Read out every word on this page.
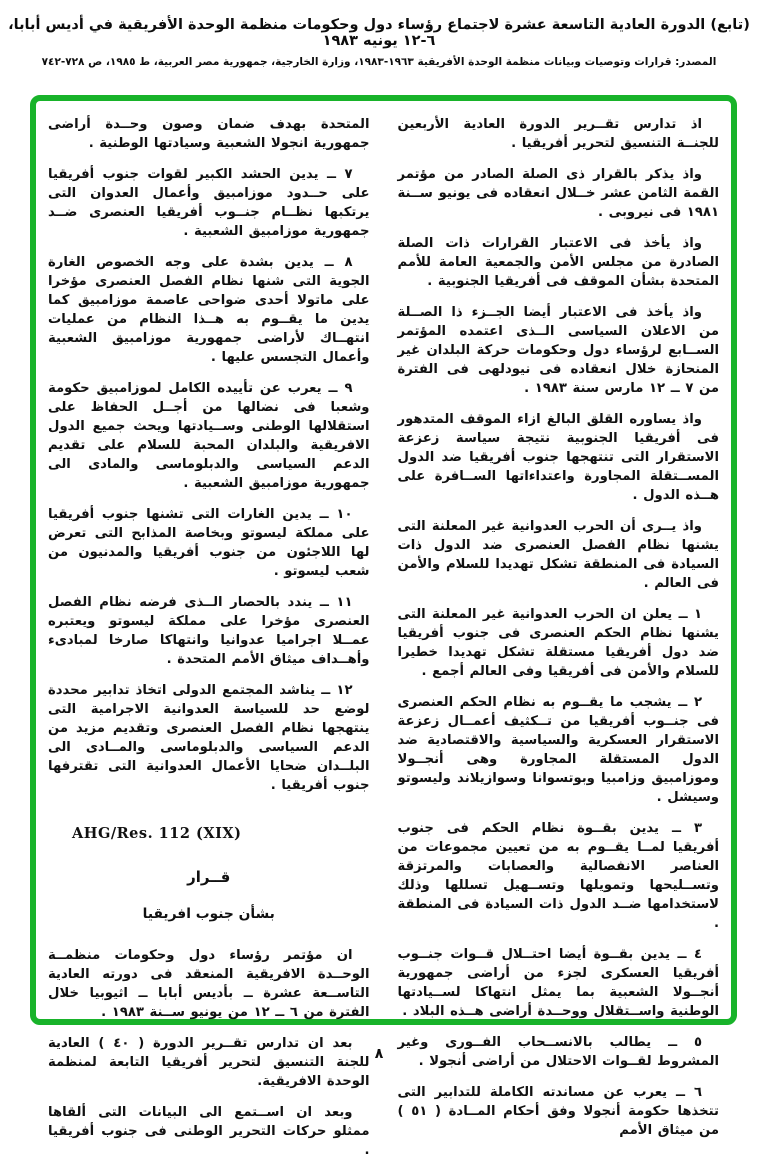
(تابع) الدورة العادية التاسعة عشرة لاجتماع رؤساء دول وحكومات منظمة الوحدة الأفريقية في أديس أبابا، ٦-١٢ يونيه ١٩٨٣
المصدر: قرارات وتوصيات وبيانات منظمة الوحدة الأفريقية ١٩٦٣-١٩٨٣، وزارة الخارجية، جمهورية مصر العربية، ط ١٩٨٥، ص ٧٢٨-٧٤٢

اذ تدارس تقــرير الدورة العادية الأربعين للجنــة التنسيق لتحرير أفريقيا .

واذ يذكر بالقرار ذى الصلة الصادر من مؤتمر القمة الثامن عشر خــلال انعقاده فى يونيو ســنة ١٩٨١ فى نيروبى .

واذ يأخذ فى الاعتبار القرارات ذات الصلة الصادرة من مجلس الأمن والجمعية العامة للأمم المتحدة بشأن الموقف فى أفريقيا الجنوبية .

واذ يأخذ فى الاعتبار أيضا الجــزء ذا الصــلة من الاعلان السياسى الــذى اعتمده المؤتمر الســابع لرؤساء دول وحكومات حركة البلدان غير المنحازة خلال انعقاده فى نيودلهى فى الفترة من ٧ ــ ١٢ مارس سنة ١٩٨٣ .

واذ يساوره القلق البالغ ازاء الموقف المتدهور فى أفريقيا الجنوبية نتيجة سياسة زعزعة الاستقرار التى تنتهجها جنوب أفريقيا ضد الدول المســتقلة المجاورة واعتداءاتها الســافرة على هــذه الدول .

واذ يــرى أن الحرب العدوانية غير المعلنة التى يشنها نظام الفصل العنصرى ضد الدول ذات السيادة فى المنطقة تشكل تهديدا للسلام والأمن فى العالم .

١ ــ يعلن ان الحرب العدوانية غير المعلنة التى يشنها نظام الحكم العنصرى فى جنوب أفريقيا ضد دول أفريقيا مستقلة تشكل تهديدا خطيرا للسلام والأمن فى أفريقيا وفى العالم أجمع .

٢ ــ يشجب ما يقــوم به نظام الحكم العنصرى فى جنــوب أفريقيا من تــكثيف أعمــال زعزعة الاستقرار العسكرية والسياسية والاقتصادية ضد الدول المستقلة المجاورة وهى أنجــولا وموزامبيق وزامبيا وبوتسوانا وسوازيلاند وليسوتو وسيشل .

٣ ــ يدين بقــوة نظام الحكم فى جنوب أفريقيا لمــا يقــوم به من تعيين مجموعات من العناصر الانفصالية والعصابات والمرتزقة وتســليحها وتمويلها وتســهيل تسللها وذلك لاستخدامها ضــد الدول ذات السيادة فى المنطقة .

٤ ــ يدين بقــوة أيضا احتــلال قــوات جنــوب أفريقيا العسكرى لجزء من أراضى جمهورية أنجــولا الشعبية بما يمثل انتهاكا لســيادتها الوطنية واســتقلال ووحــدة أراضى هــذه البلاد .

٥ ــ يطالب بالانســحاب الفــورى وغير المشروط لقــوات الاحتلال من أراضى أنجولا .

٦ ــ يعرب عن مساندته الكاملة للتدابير التى تتخذها حكومة أنجولا وفق أحكام المــادة ( ٥١ ) من ميثاق الأمم

المتحدة بهدف ضمان وصون وحــدة أراضى جمهورية انجولا الشعبية وسيادتها الوطنية .

٧ ــ يدين الحشد الكبير لقوات جنوب أفريقيا على حــدود موزامبيق وأعمال العدوان التى يرتكبها نظــام جنــوب أفريقيا العنصرى ضــد جمهورية موزامبيق الشعبية .

٨ ــ يدين بشدة على وجه الخصوص الغارة الجوية التى شنها نظام الفصل العنصرى مؤخرا على ماتولا أحدى ضواحى عاصمة موزامبيق كما يدين ما يقــوم به هــذا النظام من عمليات انتهــاك لأراضى جمهورية موزامبيق الشعبية وأعمال التجسس عليها .

٩ ــ يعرب عن تأييده الكامل لموزامبيق حكومة وشعبا فى نضالها من أجــل الحفاظ على استقلالها الوطنى وســيادتها ويحث جميع الدول الافريقية والبلدان المحبة للسلام على تقديم الدعم السياسى والدبلوماسى والمادى الى جمهورية موزامبيق الشعبية .

١٠ ــ يدين الغارات التى تشنها جنوب أفريقيا على مملكة ليسوتو وبخاصة المذابح التى تعرض لها اللاجئون من جنوب أفريقيا والمدنيون من شعب ليسوتو .

١١ ــ يندد بالحصار الــذى فرضه نظام الفصل العنصرى مؤخرا على مملكة ليسوتو ويعتبره عمــلا اجراميا عدوانيا وانتهاكا صارخا لمبادىء وأهــداف ميثاق الأمم المتحدة .

١٢ ــ يناشد المجتمع الدولى اتخاذ تدابير محددة لوضع حد للسياسة العدوانية الاجرامية التى ينتهجها نظام الفصل العنصرى وتقديم مزيد من الدعم السياسى والدبلوماسى والمــادى الى البلــدان ضحايا الأعمال العدوانية التى تقترفها جنوب أفريقيا .

AHG/Res. 112 (XIX)
قــرار
بشأن جنوب افريقيا

ان مؤتمر رؤساء دول وحكومات منظمــة الوحــدة الافريقية المنعقد فى دورته العادية التاســعة عشرة ــ بأديس أبابا ــ اثيوبيا خلال الفترة من ٦ ــ ١٢ من يونيو ســنة ١٩٨٣ .

بعد ان تدارس تقــرير الدورة ( ٤٠ ) العادية للجنة التنسيق لتحرير أفريقيا التابعة لمنظمة الوحدة الافريقية.

وبعد ان اســتمع الى البيانات التى ألقاها ممثلو حركات التحرير الوطنى فى جنوب أفريقيا .

٨
